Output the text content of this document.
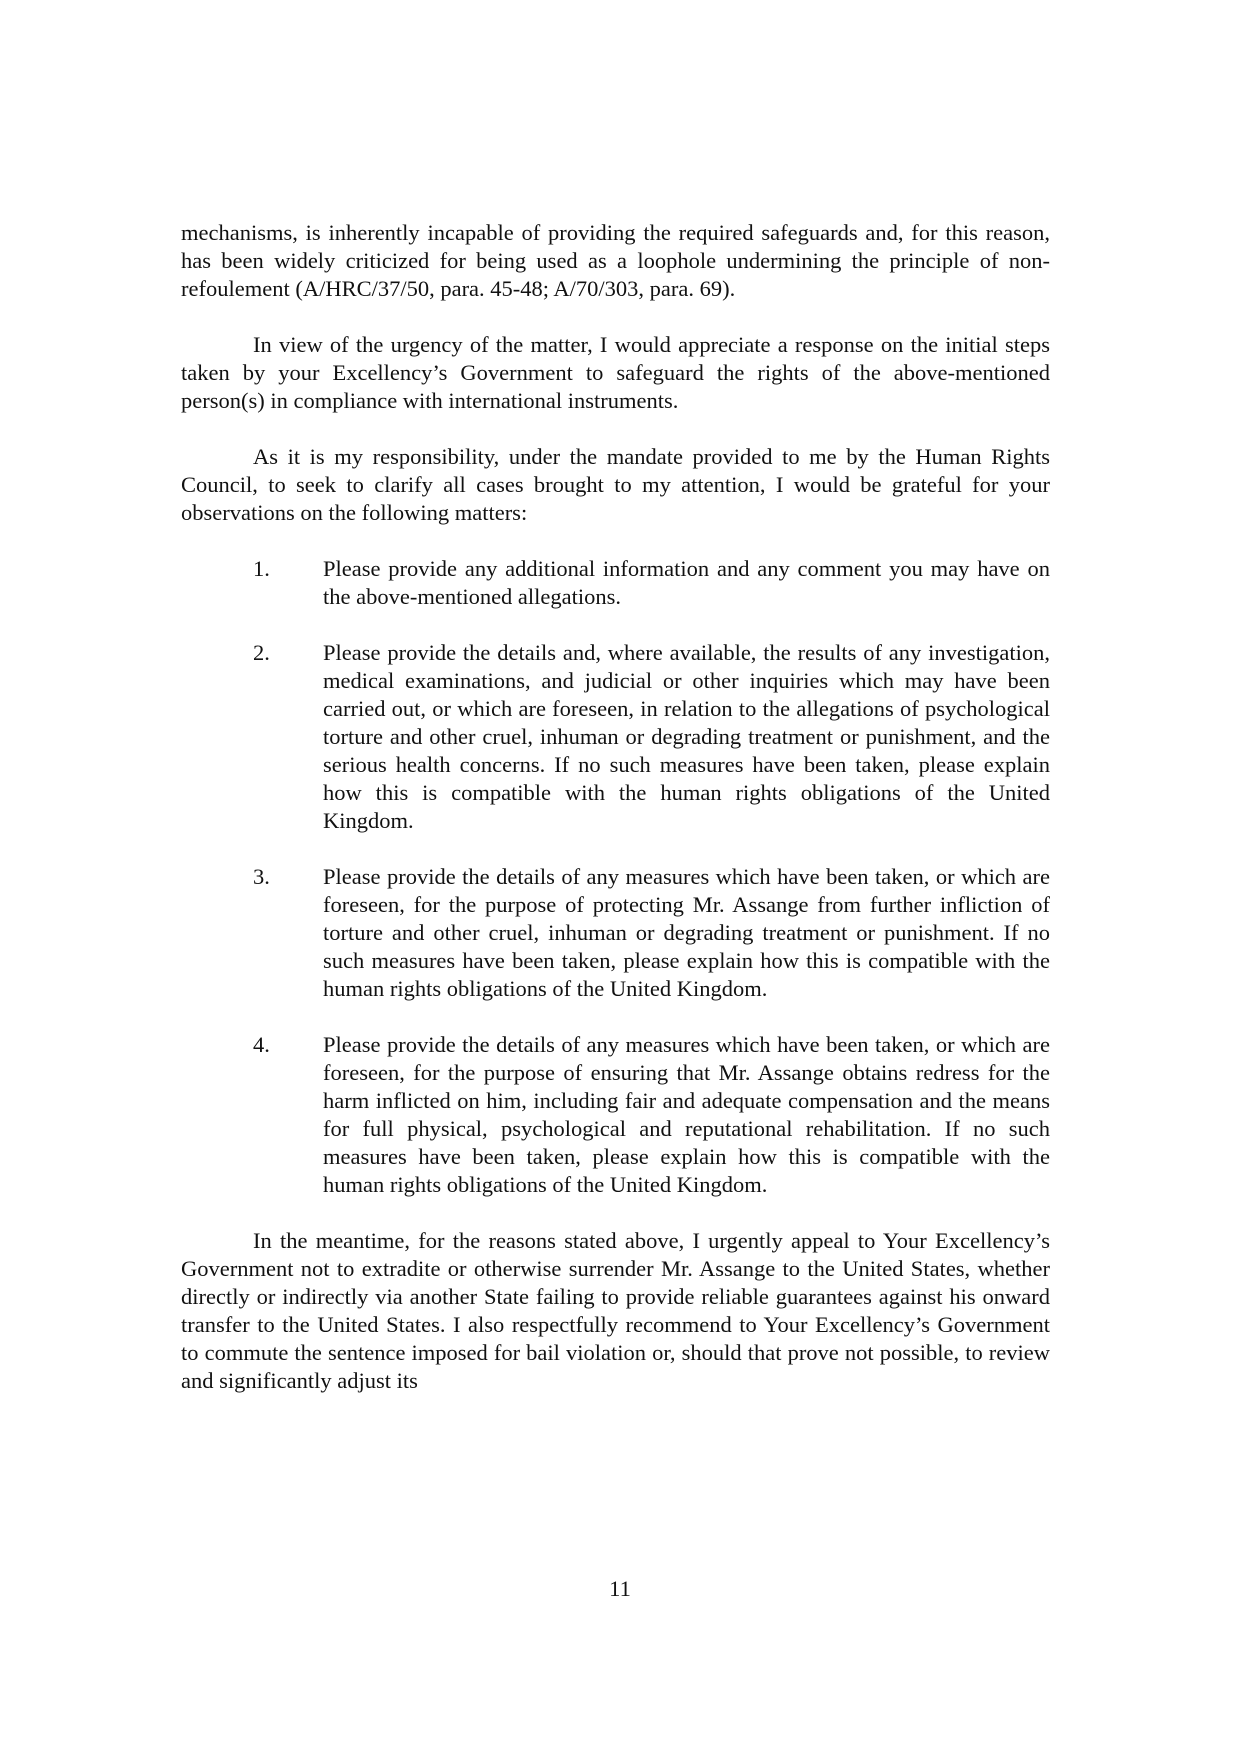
mechanisms, is inherently incapable of providing the required safeguards and, for this reason, has been widely criticized for being used as a loophole undermining the principle of non-refoulement (A/HRC/37/50, para. 45-48; A/70/303, para. 69).

In view of the urgency of the matter, I would appreciate a response on the initial steps taken by your Excellency’s Government to safeguard the rights of the above-mentioned person(s) in compliance with international instruments.

As it is my responsibility, under the mandate provided to me by the Human Rights Council, to seek to clarify all cases brought to my attention, I would be grateful for your observations on the following matters:

1.	Please provide any additional information and any comment you may have on the above-mentioned allegations.
2.	Please provide the details and, where available, the results of any investigation, medical examinations, and judicial or other inquiries which may have been carried out, or which are foreseen, in relation to the allegations of psychological torture and other cruel, inhuman or degrading treatment or punishment, and the serious health concerns. If no such measures have been taken, please explain how this is compatible with the human rights obligations of the United Kingdom.
3.	Please provide the details of any measures which have been taken, or which are foreseen, for the purpose of protecting Mr. Assange from further infliction of torture and other cruel, inhuman or degrading treatment or punishment. If no such measures have been taken, please explain how this is compatible with the human rights obligations of the United Kingdom.
4.	Please provide the details of any measures which have been taken, or which are foreseen, for the purpose of ensuring that Mr. Assange obtains redress for the harm inflicted on him, including fair and adequate compensation and the means for full physical, psychological and reputational rehabilitation. If no such measures have been taken, please explain how this is compatible with the human rights obligations of the United Kingdom.

In the meantime, for the reasons stated above, I urgently appeal to Your Excellency’s Government not to extradite or otherwise surrender Mr. Assange to the United States, whether directly or indirectly via another State failing to provide reliable guarantees against his onward transfer to the United States. I also respectfully recommend to Your Excellency’s Government to commute the sentence imposed for bail violation or, should that prove not possible, to review and significantly adjust its

11
